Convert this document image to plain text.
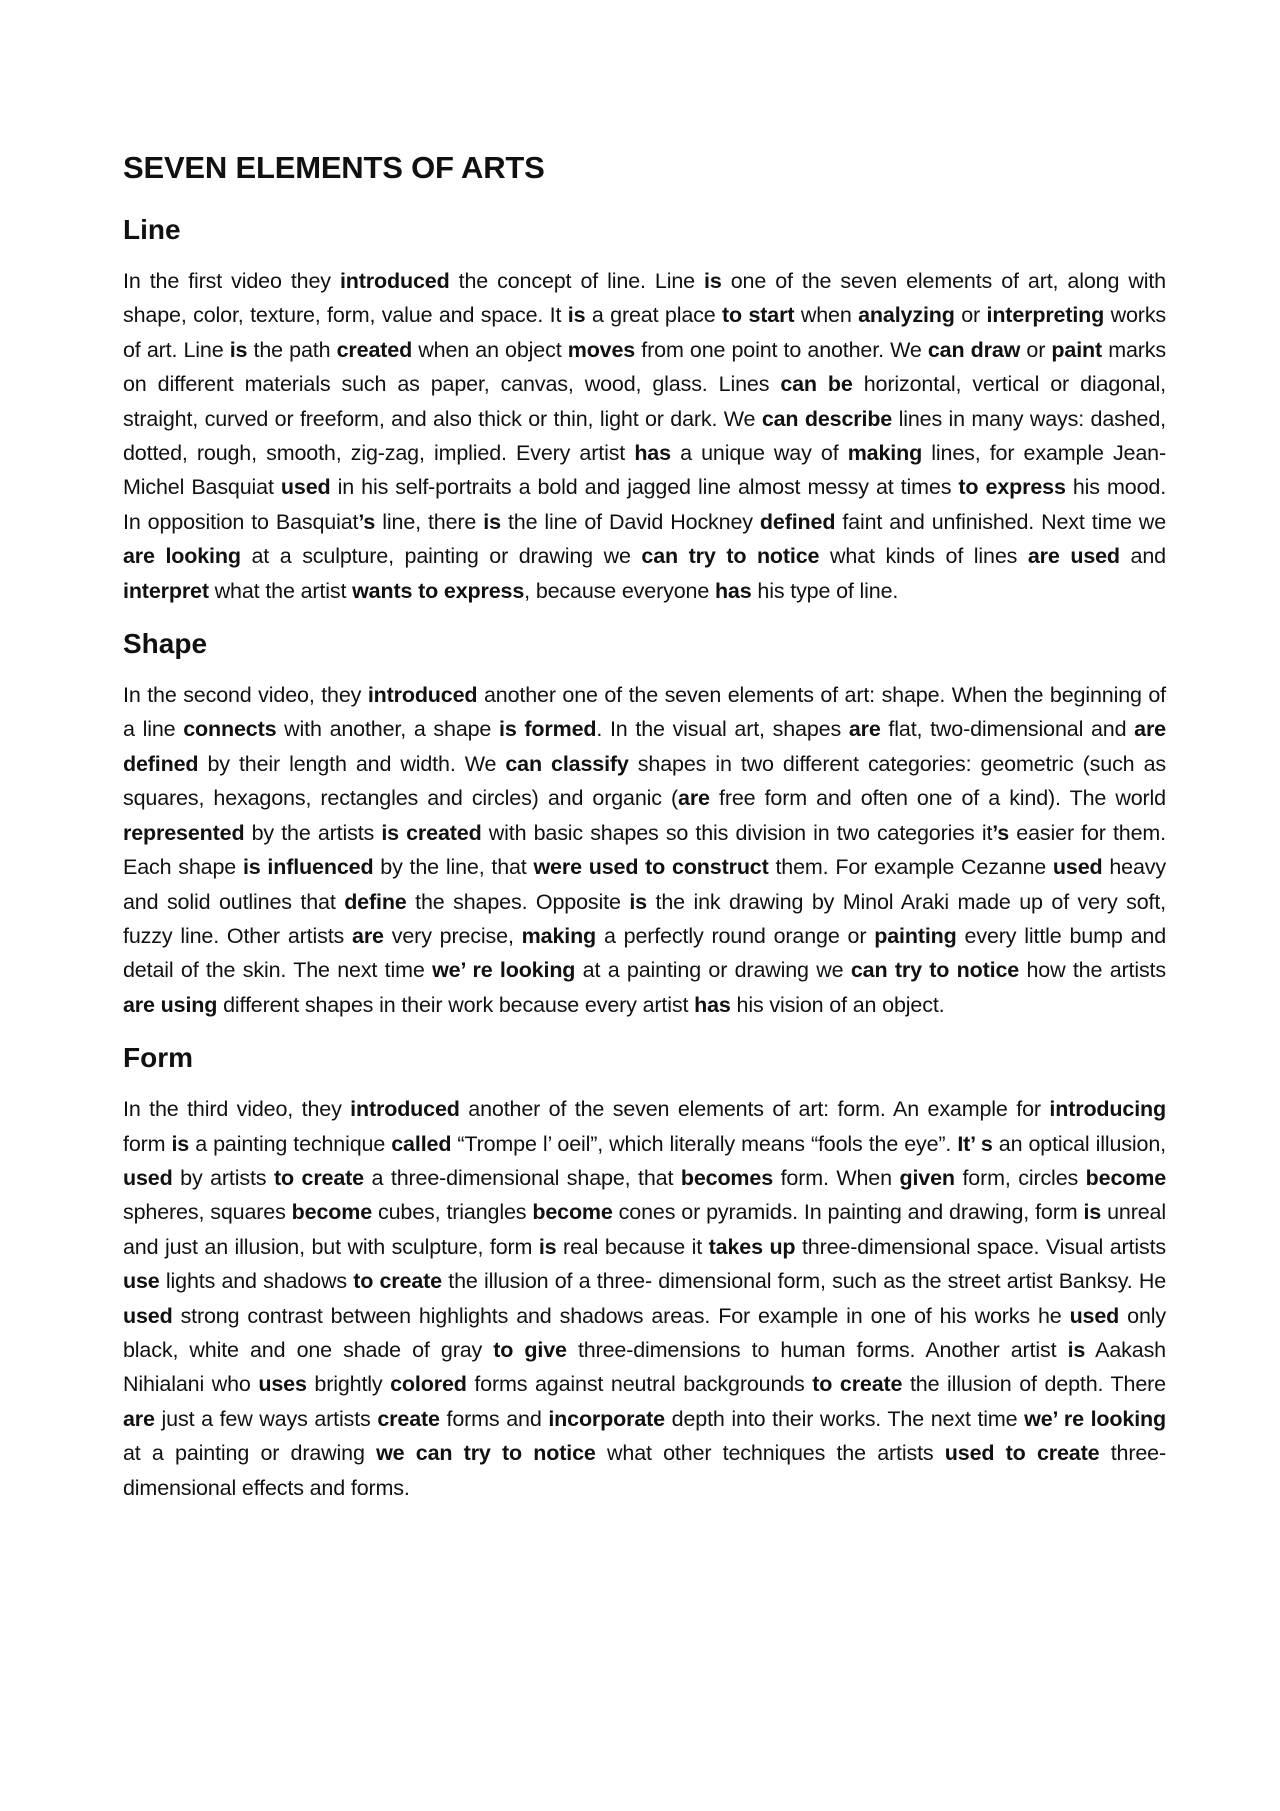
SEVEN ELEMENTS OF ARTS
Line

In the first video they introduced the concept of line. Line is one of the seven elements of art, along with shape, color, texture, form, value and space. It is a great place to start when analyzing or interpreting works of art. Line is the path created when an object moves from one point to another. We can draw or paint marks on different materials such as paper, canvas, wood, glass. Lines can be horizontal, vertical or diagonal, straight, curved or freeform, and also thick or thin, light or dark. We can describe lines in many ways: dashed, dotted, rough, smooth, zig-zag, implied. Every artist has a unique way of making lines, for example Jean-Michel Basquiat used in his self-portraits a bold and jagged line almost messy at times to express his mood. In opposition to Basquiat’s line, there is the line of David Hockney defined faint and unfinished. Next time we are looking at a sculpture, painting or drawing we can try to notice what kinds of lines are used and interpret what the artist wants to express, because everyone has his type of line.

Shape

In the second video, they introduced another one of the seven elements of art: shape. When the beginning of a line connects with another, a shape is formed. In the visual art, shapes are flat, two-dimensional and are defined by their length and width. We can classify shapes in two different categories: geometric (such as squares, hexagons, rectangles and circles) and organic (are free form and often one of a kind). The world represented by the artists is created with basic shapes so this division in two categories it’s easier for them. Each shape is influenced by the line, that were used to construct them. For example Cezanne used heavy and solid outlines that define the shapes. Opposite is the ink drawing by Minol Araki made up of very soft, fuzzy line. Other artists are very precise, making a perfectly round orange or painting every little bump and detail of the skin. The next time we’ re looking at a painting or drawing we can try to notice how the artists are using different shapes in their work because every artist has his vision of an object.

Form

In the third video, they introduced another of the seven elements of art: form. An example for introducing form is a painting technique called “Trompe l’ oeil”, which literally means “fools the eye”. It’ s an optical illusion, used by artists to create a three-dimensional shape, that becomes form. When given form, circles become spheres, squares become cubes, triangles become cones or pyramids. In painting and drawing, form is unreal and just an illusion, but with sculpture, form is real because it takes up three-dimensional space. Visual artists use lights and shadows to create the illusion of a three- dimensional form, such as the street artist Banksy. He used strong contrast between highlights and shadows areas. For example in one of his works he used only black, white and one shade of gray to give three-dimensions to human forms. Another artist is Aakash Nihialani who uses brightly colored forms against neutral backgrounds to create the illusion of depth. There are just a few ways artists create forms and incorporate depth into their works. The next time we’ re looking at a painting or drawing we can try to notice what other techniques the artists used to create three-dimensional effects and forms.
